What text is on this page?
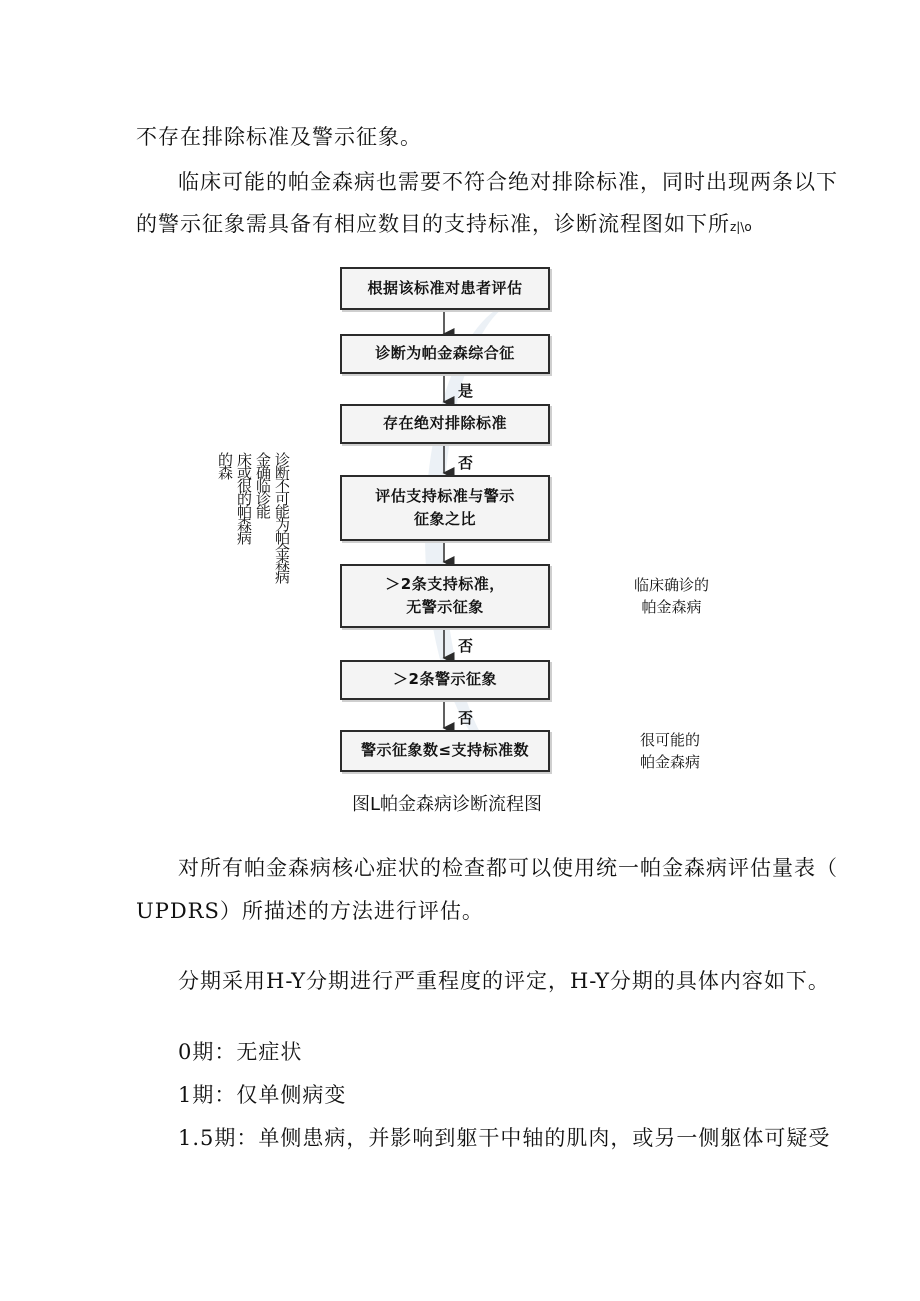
不存在排除标准及警示征象。
临床可能的帕金森病也需要不符合绝对排除标准，同时出现两条以下
的警示征象需具备有相应数目的支持标准，诊断流程图如下所z|\o
根据该标准对患者评估
诊断为帕金森综合征
是
存在绝对排除标准
否
评估支持标准与警示
征象之比
＞2条支持标准，
无警示征象
否
＞2条警示征象
否
警示征象数≤支持标准数
临床确诊的
帕金森病
很可能的
帕金森病
诊断不可能为帕金森病
金确临诊能
床或很的帕森病
的森
图L帕金森病诊断流程图
对所有帕金森病核心症状的检查都可以使用统一帕金森病评估量表（
UPDRS）所描述的方法进行评估。
分期采用H-Y分期进行严重程度的评定，H-Y分期的具体内容如下。
0期：无症状
1期：仅单侧病变
1.5期：单侧患病，并影响到躯干中轴的肌肉，或另一侧躯体可疑受
